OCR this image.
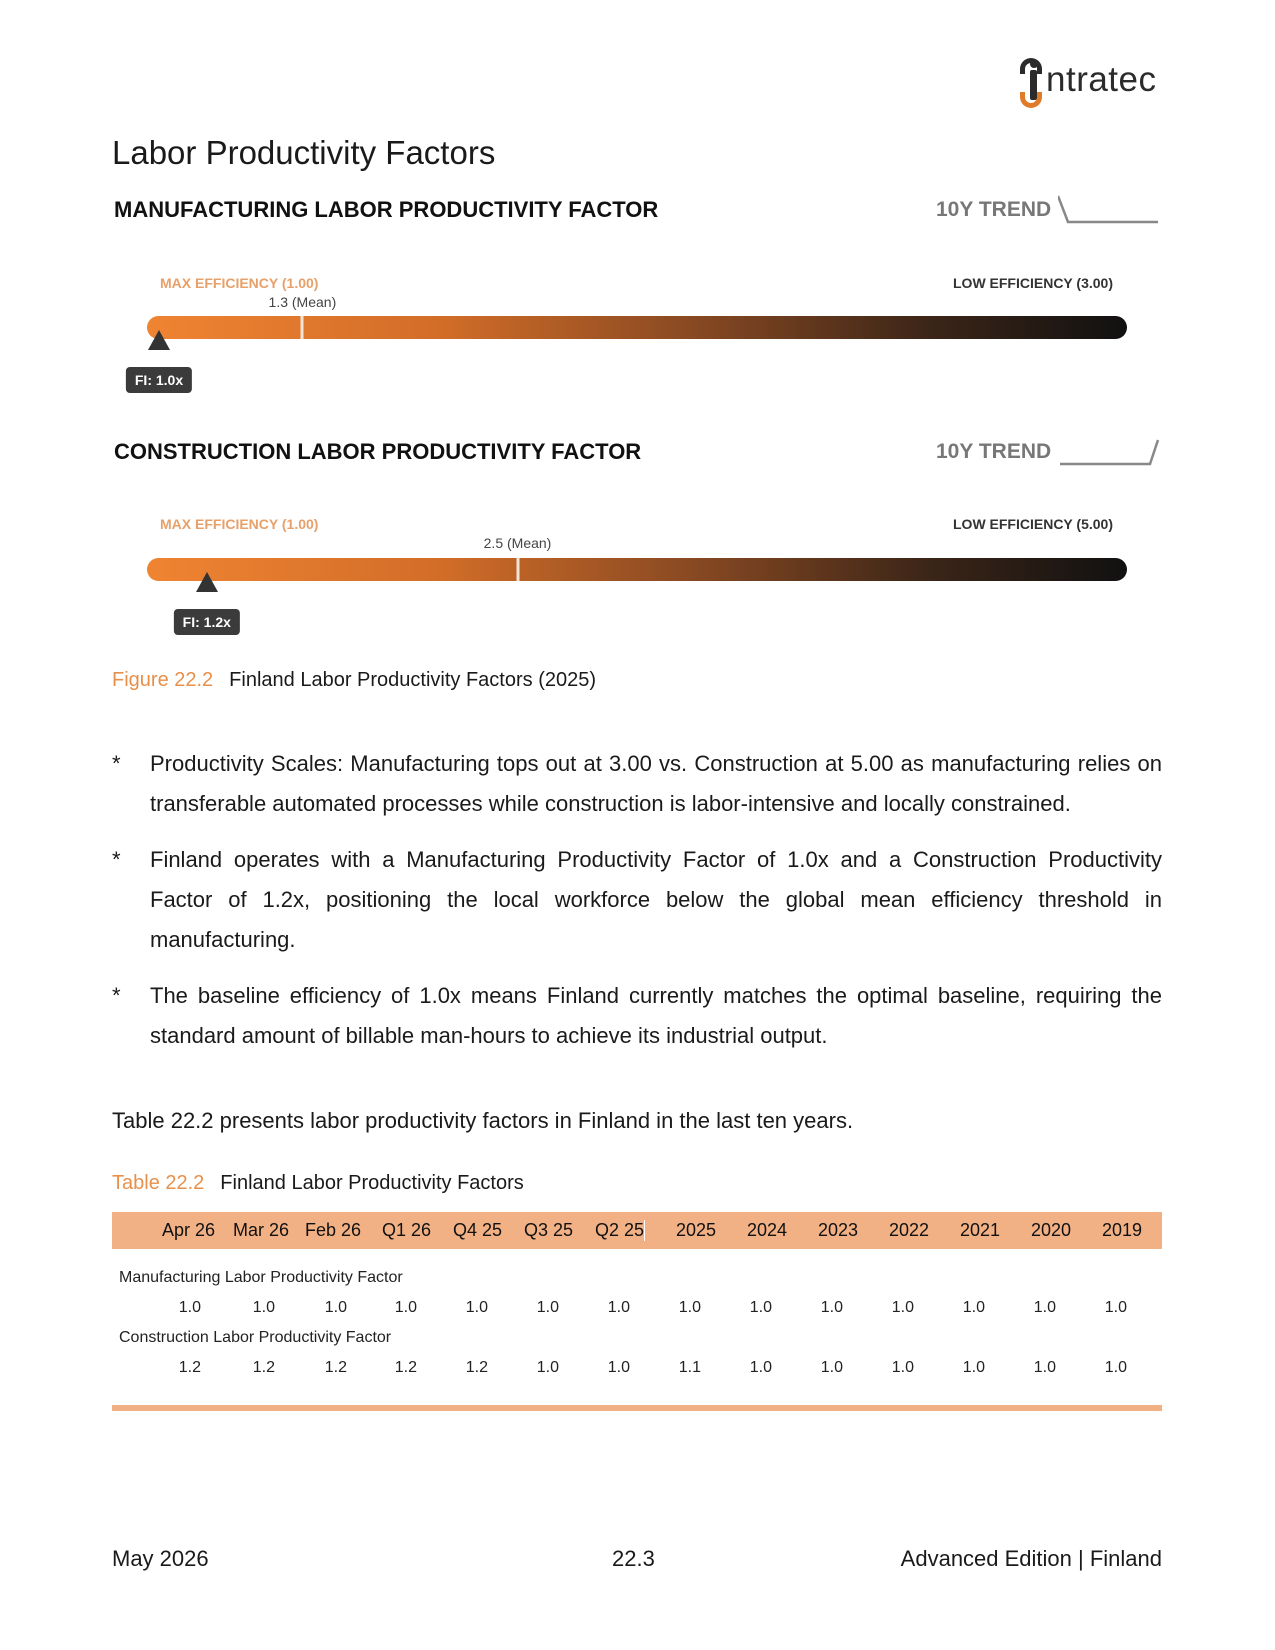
ntratec
Labor Productivity Factors
MANUFACTURING LABOR PRODUCTIVITY FACTOR	10Y TREND
MAX EFFICIENCY (1.00)	LOW EFFICIENCY (3.00)
1.3 (Mean)
FI: 1.0x
CONSTRUCTION LABOR PRODUCTIVITY FACTOR	10Y TREND
MAX EFFICIENCY (1.00)	LOW EFFICIENCY (5.00)
2.5 (Mean)
FI: 1.2x
Figure 22.2 Finland Labor Productivity Factors (2025)
* Productivity Scales: Manufacturing tops out at 3.00 vs. Construction at 5.00 as manufacturing relies on transferable automated processes while construction is labor-intensive and locally constrained.
* Finland operates with a Manufacturing Productivity Factor of 1.0x and a Construction Productivity Factor of 1.2x, positioning the local workforce below the global mean efficiency threshold in manufacturing.
* The baseline efficiency of 1.0x means Finland currently matches the optimal baseline, requiring the standard amount of billable man-hours to achieve its industrial output.
Table 22.2 presents labor productivity factors in Finland in the last ten years.
Table 22.2 Finland Labor Productivity Factors
Apr 26 Mar 26 Feb 26	Q1 26	Q4 25	Q3 25	Q2 25	2025	2024	2023	2022	2021	2020	2019
Manufacturing Labor Productivity Factor
1.0	1.0	1.0	1.0	1.0	1.0	1.0	1.0	1.0	1.0	1.0	1.0	1.0	1.0
Construction Labor Productivity Factor
1.2	1.2	1.2	1.2	1.2	1.0	1.0	1.1	1.0	1.0	1.0	1.0	1.0	1.0
May 2026	22.3	Advanced Edition | Finland
